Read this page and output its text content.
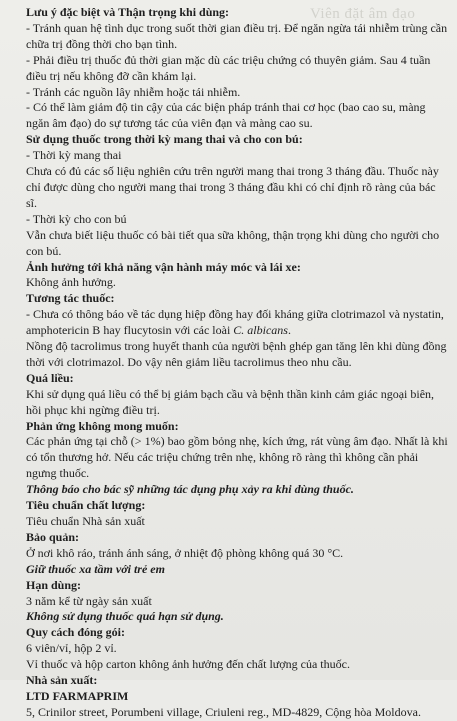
Viên đặt âm đạo

Lưu ý đặc biệt và Thận trọng khi dùng:

- Tránh quan hệ tình dục trong suốt thời gian điều trị. Để ngăn ngừa tái nhiễm trùng cần chữa trị đồng thời cho bạn tình.

- Phải điều trị thuốc đủ thời gian mặc dù các triệu chứng có thuyên giảm. Sau 4 tuần điều trị nếu không đỡ cần khám lại.

- Tránh các nguồn lây nhiễm hoặc tái nhiễm.

- Có thể làm giảm độ tin cậy của các biện pháp tránh thai cơ học (bao cao su, màng ngăn âm đạo) do sự tương tác của viên đạn và màng cao su.

Sử dụng thuốc trong thời kỳ mang thai và cho con bú:

- Thời kỳ mang thai

Chưa có đủ các số liệu nghiên cứu trên người mang thai trong 3 tháng đầu. Thuốc này chỉ được dùng cho người mang thai trong 3 tháng đầu khi có chỉ định rõ ràng của bác sĩ.

- Thời kỳ cho con bú

Vẫn chưa biết liệu thuốc có bài tiết qua sữa không, thận trọng khi dùng cho người cho con bú.

Ảnh hưởng tới khả năng vận hành máy móc và lái xe:

Không ảnh hưởng.

Tương tác thuốc:

- Chưa có thông báo về tác dụng hiệp đồng hay đối kháng giữa clotrimazol và nystatin, amphotericin B hay flucytosin với các loài C. albicans.

Nồng độ tacrolimus trong huyết thanh của người bệnh ghép gan tăng lên khi dùng đồng thời với clotrimazol. Do vậy nên giảm liều tacrolimus theo nhu cầu.

Quá liều:

Khi sử dụng quá liều có thể bị giảm bạch cầu và bệnh thần kinh cảm giác ngoại biên, hồi phục khi ngừng điều trị.

Phản ứng không mong muốn:

Các phản ứng tại chỗ (> 1%) bao gồm bỏng nhẹ, kích ứng, rát vùng âm đạo. Nhất là khi có tổn thương hở. Nếu các triệu chứng trên nhẹ, không rõ ràng thì không cần phải ngưng thuốc.

Thông báo cho bác sỹ những tác dụng phụ xảy ra khi dùng thuốc.

Tiêu chuẩn chất lượng:

Tiêu chuẩn Nhà sản xuất

Bảo quản:

Ở nơi khô ráo, tránh ánh sáng, ở nhiệt độ phòng không quá 30 °C.

Giữ thuốc xa tầm với trẻ em

Hạn dùng:

3 năm kể từ ngày sản xuất

Không sử dụng thuốc quá hạn sử dụng.

Quy cách đóng gói:

6 viên/vỉ, hộp 2 vỉ.

Vỉ thuốc và hộp carton không ảnh hưởng đến chất lượng của thuốc.

Nhà sản xuất:

LTD FARMAPRIM

5, Crinilor street, Porumbeni village, Criuleni reg., MD-4829, Cộng hòa Moldova.
